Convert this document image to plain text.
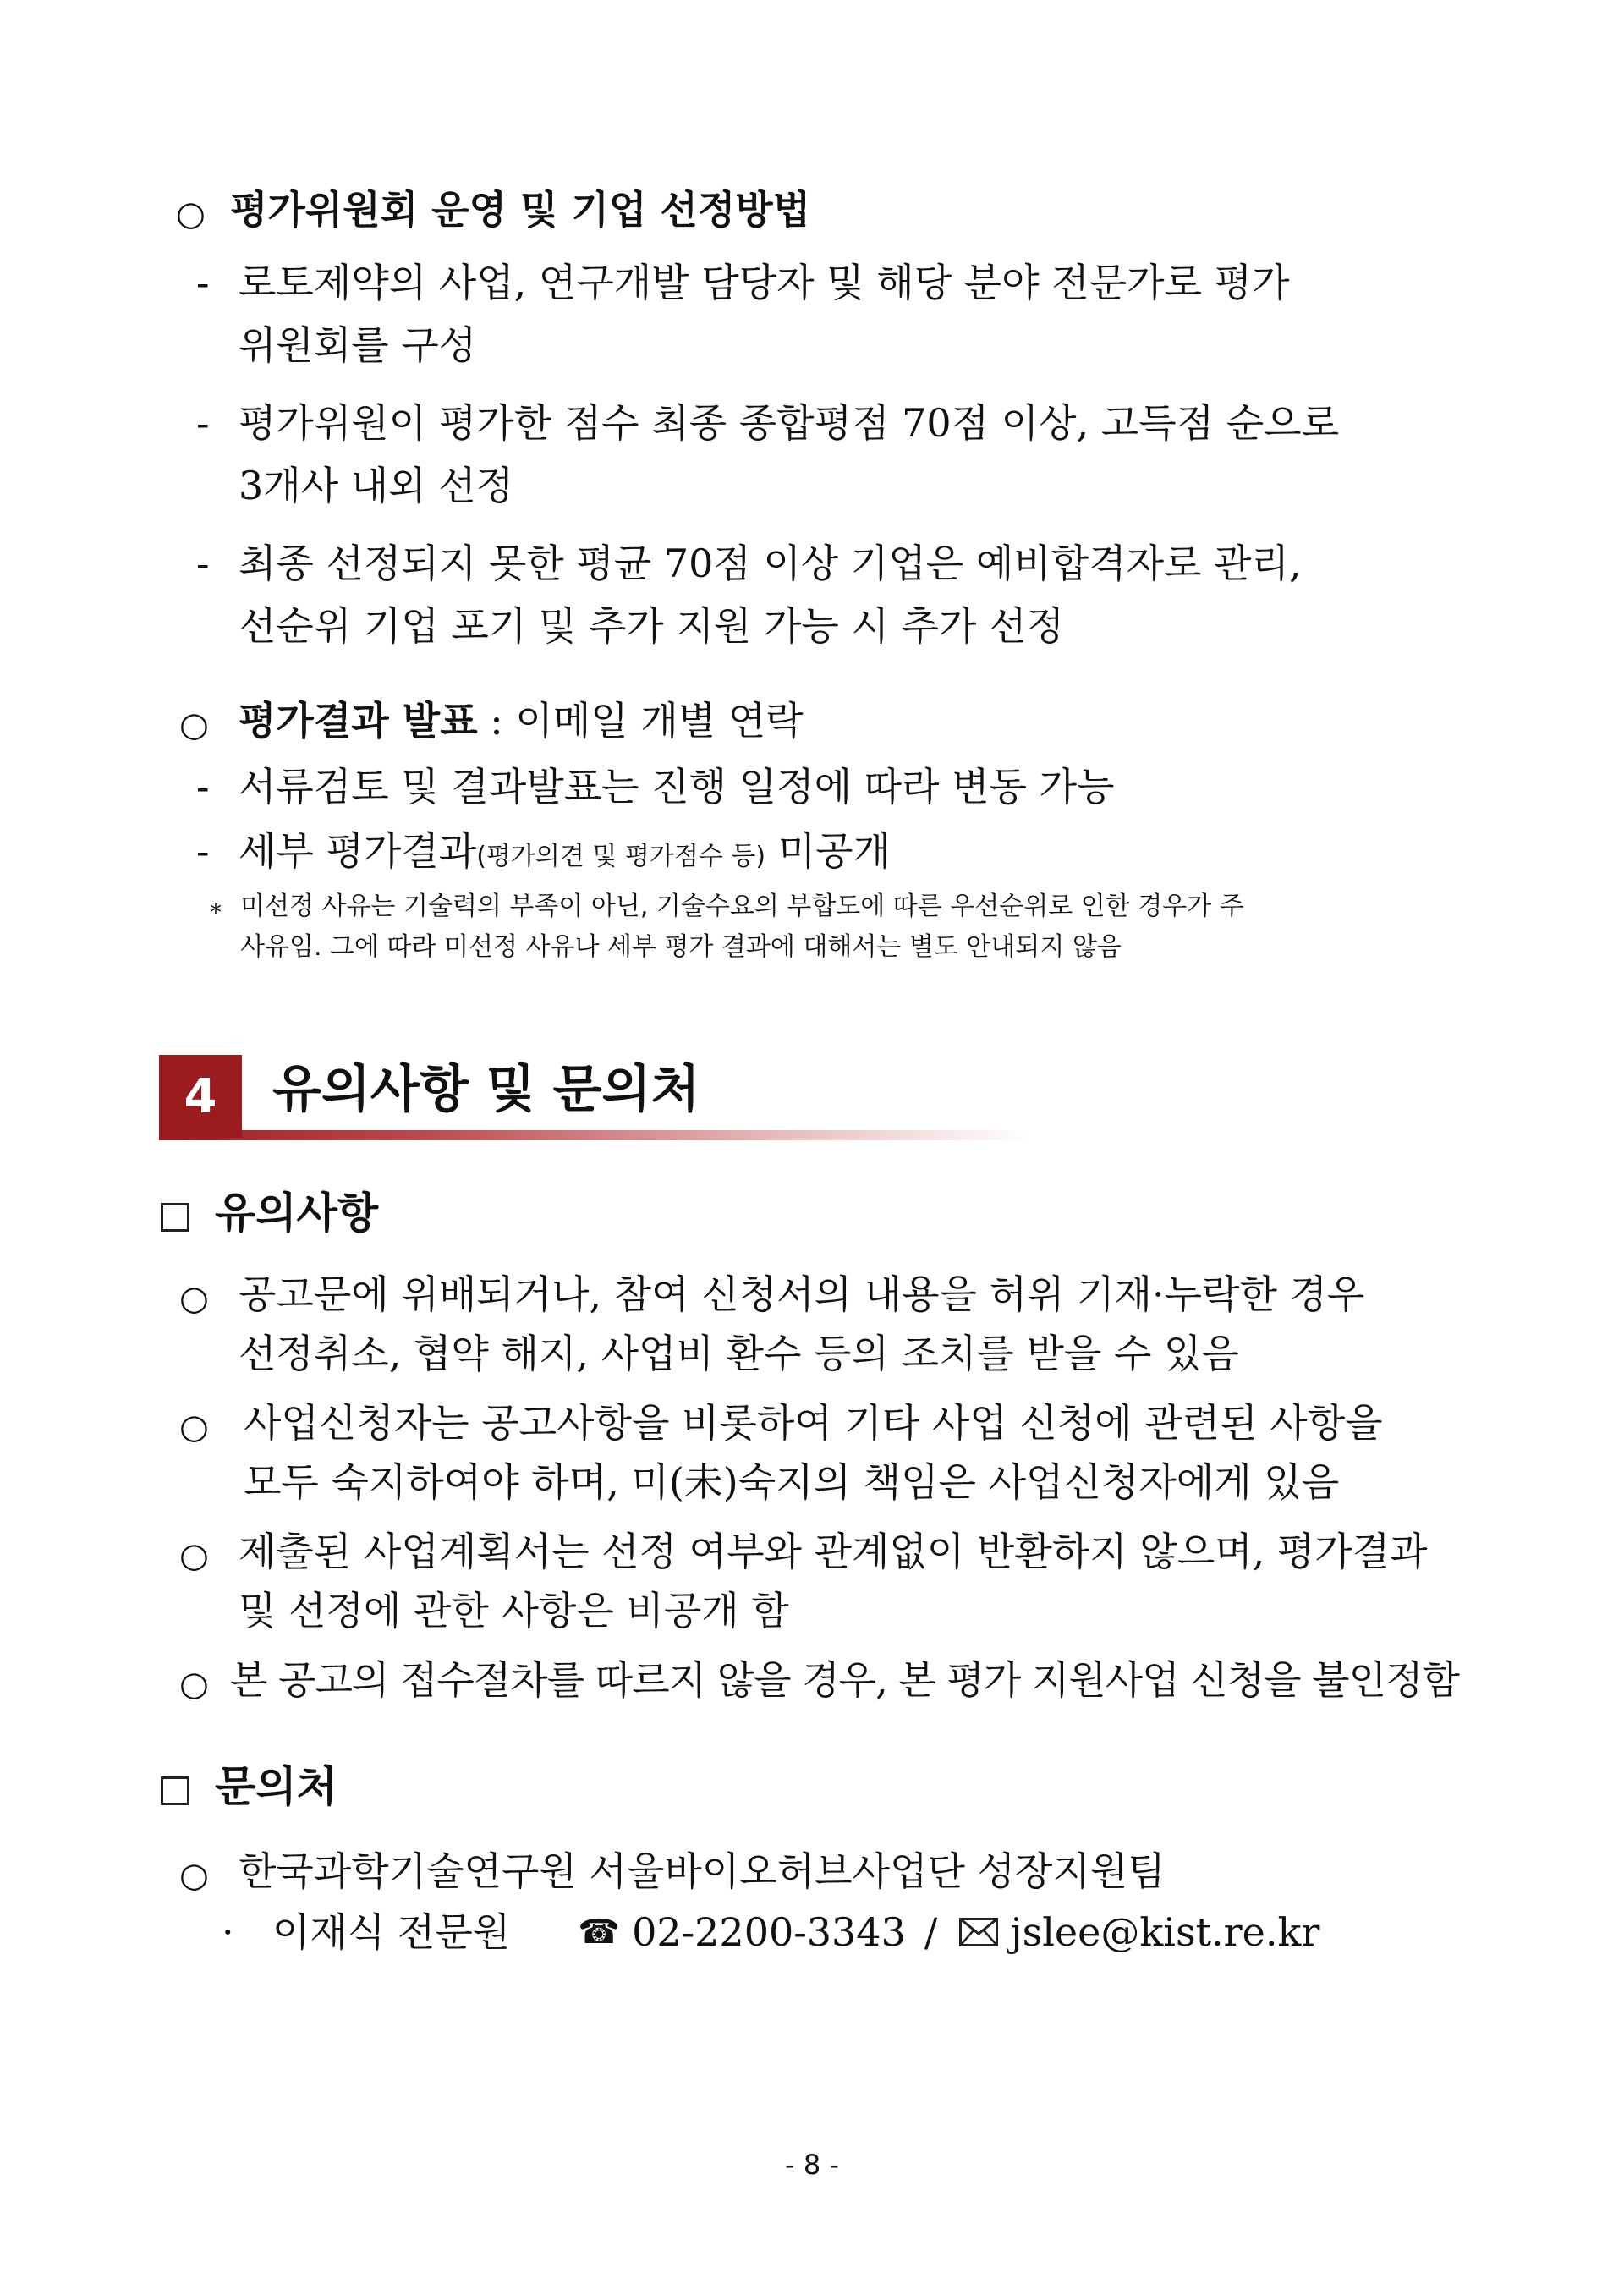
○ 평가위원회 운영 및 기업 선정방법
- 로토제약의 사업, 연구개발 담당자 및 해당 분야 전문가로 평가
위원회를 구성
- 평가위원이 평가한 점수 최종 종합평점 70점 이상, 고득점 순으로
3개사 내외 선정
- 최종 선정되지 못한 평균 70점 이상 기업은 예비합격자로 관리,
선순위 기업 포기 및 추가 지원 가능 시 추가 선정
○ 평가결과 발표 : 이메일 개별 연락
- 서류검토 및 결과발표는 진행 일정에 따라 변동 가능
- 세부 평가결과(평가의견 및 평가점수 등) 미공개
* 미선정 사유는 기술력의 부족이 아닌, 기술수요의 부합도에 따른 우선순위로 인한 경우가 주
사유임. 그에 따라 미선정 사유나 세부 평가 결과에 대해서는 별도 안내되지 않음
4	유의사항 및 문의처
유의사항
○ 공고문에 위배되거나, 참여 신청서의 내용을 허위 기재·누락한 경우
선정취소, 협약 해지, 사업비 환수 등의 조치를 받을 수 있음
○ 사업신청자는 공고사항을 비롯하여 기타 사업 신청에 관련된 사항을
모두 숙지하여야 하며, 미(未)숙지의 책임은 사업신청자에게 있음
○ 제출된 사업계획서는 선정 여부와 관계없이 반환하지 않으며, 평가결과
및 선정에 관한 사항은 비공개 함
○ 본 공고의 접수절차를 따르지 않을 경우, 본 평가 지원사업 신청을 불인정함
문의처
○ 한국과학기술연구원 서울바이오허브사업단 성장지원팀
· 이재식 전문원 ☎ 02-2200-3343 / jslee@kist.re.kr
- 8 -
